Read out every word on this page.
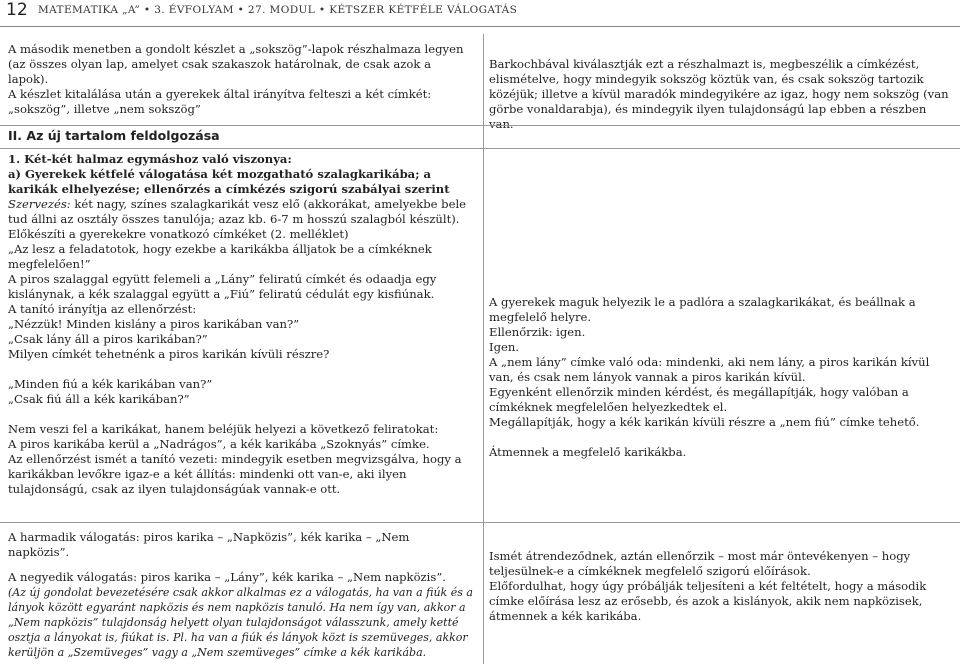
12 MATEMATIKA „A” • 3. ÉVFOLYAM • 27. MODUL • KÉTSZER KÉTFÉLE VÁLOGATÁS

A második menetben a gondolt készlet a „sokszög”-lapok részhalmaza legyen (az összes olyan lap, amelyet csak szakaszok határolnak, de csak azok a lapok).

A készlet kitalálása után a gyerekek által irányítva felteszi a két címkét: „sokszög”, illetve „nem sokszög”

Barkochbával kiválasztják ezt a részhalmazt is, megbeszélik a címkézést, elismételve, hogy mindegyik sokszög köztük van, és csak sokszög tartozik közéjük; illetve a kívül maradók mindegyikére az igaz, hogy nem sokszög (van görbe vonaldarabja), és mindegyik ilyen tulajdonságú lap ebben a részben van.

II. Az új tartalom feldolgozása

1. Két-két halmaz egymáshoz való viszonya:

a) Gyerekek kétfelé válogatása két mozgatható szalagkarikába; a karikák elhelyezése; ellenőrzés a címkézés szigorú szabályai szerint

Szervezés: két nagy, színes szalagkarikát vesz elő (akkorákat, amelyekbe bele tud állni az osztály összes tanulója; azaz kb. 6-7 m hosszú szalagból készült). Előkészíti a gyerekekre vonatkozó címkéket (2. melléklet)

„Az lesz a feladatotok, hogy ezekbe a karikákba álljatok be a címkéknek megfelelően!”

A piros szalaggal együtt felemeli a „Lány” feliratú címkét és odaadja egy kislánynak, a kék szalaggal együtt a „Fiú” feliratú cédulát egy kisfiúnak.

A tanító irányítja az ellenőrzést:

„Nézzük! Minden kislány a piros karikában van?”

„Csak lány áll a piros karikában?”

Milyen címkét tehetnénk a piros karikán kívüli részre?

„Minden fiú a kék karikában van?”

„Csak fiú áll a kék karikában?”

Nem veszi fel a karikákat, hanem beléjük helyezi a következő feliratokat:

A piros karikába kerül a „Nadrágos”, a kék karikába „Szoknyás” címke.

Az ellenőrzést ismét a tanító vezeti: mindegyik esetben megvizsgálva, hogy a karikákban levőkre igaz-e a két állítás: mindenki ott van-e, aki ilyen tulajdonságú, csak az ilyen tulajdonságúak vannak-e ott.

A harmadik válogatás: piros karika – „Napközis”, kék karika – „Nem napközis”.

A negyedik válogatás: piros karika – „Lány”, kék karika – „Nem napközis”.

(Az új gondolat bevezetésére csak akkor alkalmas ez a válogatás, ha van a fiúk és a lányok között egyaránt napközis és nem napközis tanuló. Ha nem így van, akkor a „Nem napközis” tulajdonság helyett olyan tulajdonságot válasszunk, amely ketté osztja a lányokat is, fiúkat is. Pl. ha van a fiúk és lányok közt is szemüveges, akkor kerüljön a „Szemüveges” vagy a „Nem szemüveges” címke a kék karikába.

A gyerekek maguk helyezik le a padlóra a szalagkarikákat, és beállnak a megfelelő helyre.

Ellenőrzik: igen.

Igen.

A „nem lány” címke való oda: mindenki, aki nem lány, a piros karikán kívül van, és csak nem lányok vannak a piros karikán kívül.

Egyenként ellenőrzik minden kérdést, és megállapítják, hogy valóban a címkéknek megfelelően helyezkedtek el.

Megállapítják, hogy a kék karikán kívüli részre a „nem fiú” címke tehető.

Átmennek a megfelelő karikákba.

Ismét átrendeződnek, aztán ellenőrzik – most már öntevékenyen – hogy teljesülnek-e a címkéknek megfelelő szigorú előírások.

Előfordulhat, hogy úgy próbálják teljesíteni a két feltételt, hogy a második címke előírása lesz az erősebb, és azok a kislányok, akik nem napközisek, átmennek a kék karikába.
